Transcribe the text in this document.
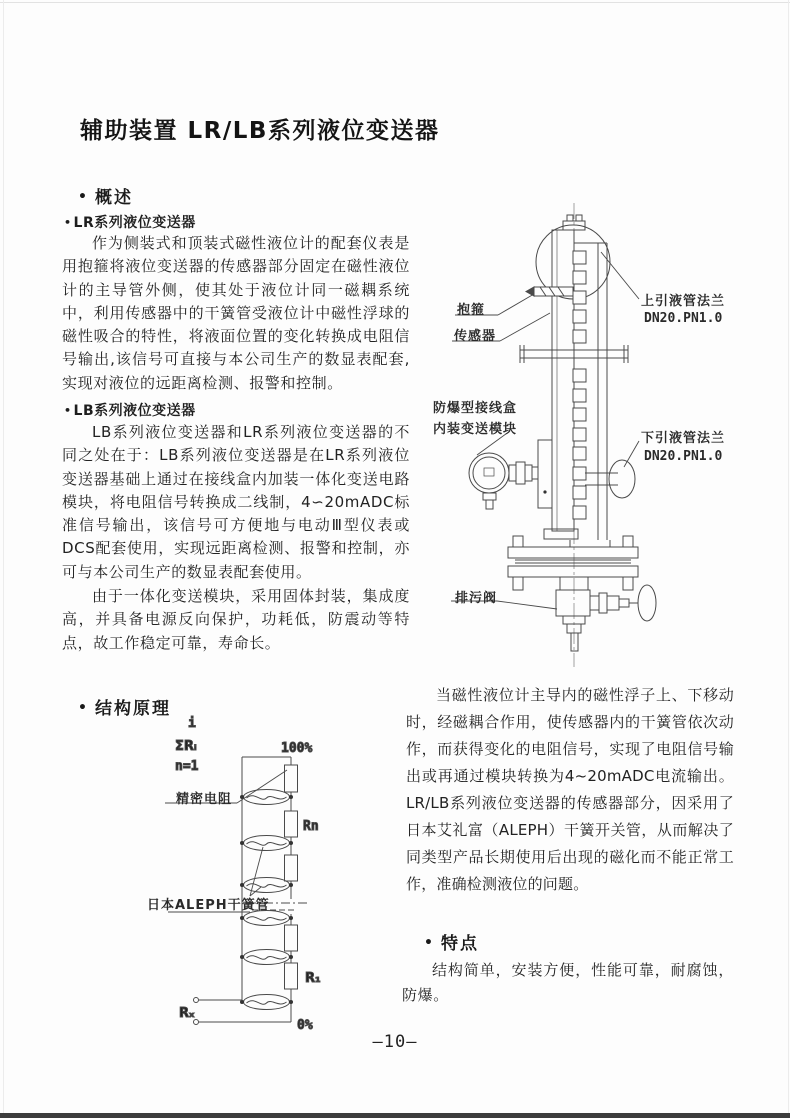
辅助装置 LR/LB系列液位变送器
• 概述
• LR系列液位变送器

作为侧装式和顶装式磁性液位计的配套仪表是用抱箍将液位变送器的传感器部分固定在磁性液位计的主导管外侧，使其处于液位计同一磁耦系统中，利用传感器中的干簧管受液位计中磁性浮球的磁性吸合的特性，将液面位置的变化转换成电阻信号输出,该信号可直接与本公司生产的数显表配套,实现对液位的远距离检测、报警和控制。

• LB系列液位变送器

LB系列液位变送器和LR系列液位变送器的不同之处在于：LB系列液位变送器是在LR系列液位变送器基础上通过在接线盒内加装一体化变送电路模块，将电阻信号转换成二线制，4∽20mADC标准信号输出，该信号可方便地与电动Ⅲ型仪表或DCS配套使用，实现远距离检测、报警和控制，亦可与本公司生产的数显表配套使用。

由于一体化变送模块，采用固体封装，集成度高，并具备电源反向保护，功耗低，防震动等特点，故工作稳定可靠，寿命长。

抱箍
传感器
防爆型接线盒
内装变送模块
上引液管法兰
DN20.PN1.0
下引液管法兰
DN20.PN1.0
排污阀
• 结构原理
i
ΣRᵢ
n=1
100%
0%
Rn
R₁
Rₓ
精密电阻
日本ALEPH干簧管

当磁性液位计主导内的磁性浮子上、下移动时，经磁耦合作用，使传感器内的干簧管依次动作，而获得变化的电阻信号，实现了电阻信号输出或再通过模块转换为4~20mADC电流输出。LR/LB系列液位变送器的传感器部分，因采用了日本艾礼富（ALEPH）干簧开关管，从而解决了同类型产品长期使用后出现的磁化而不能正常工作，准确检测液位的问题。

• 特点

结构简单，安装方便，性能可靠，耐腐蚀，防爆。

–10–
